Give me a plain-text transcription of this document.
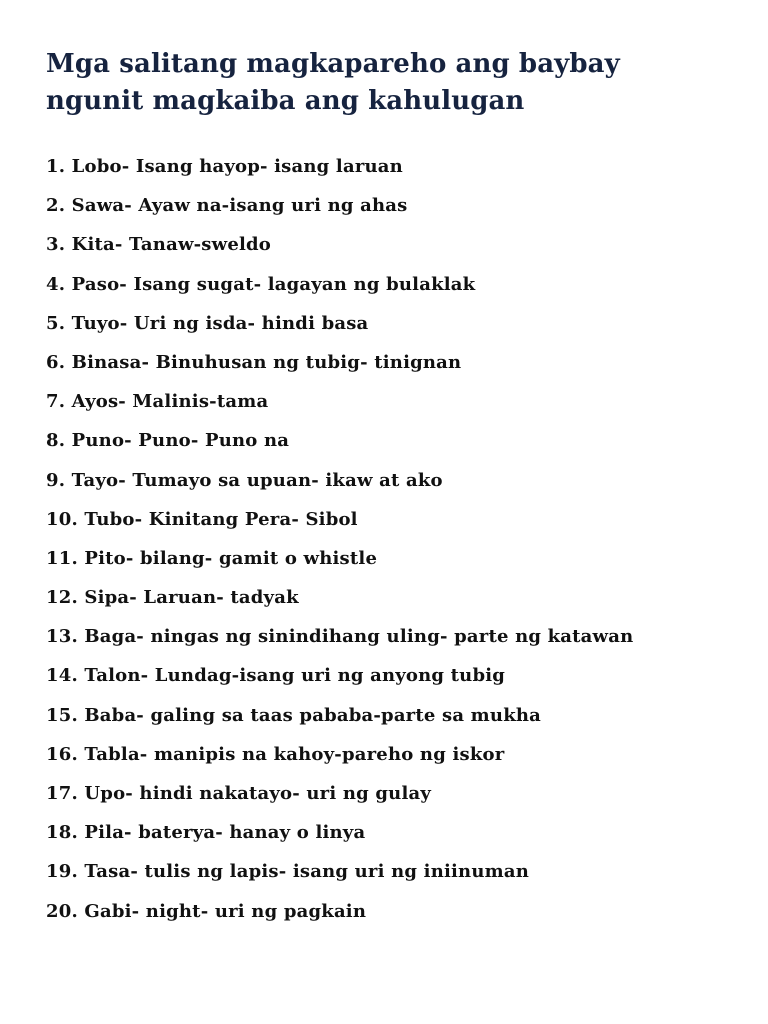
Mga salitang magkapareho ang baybay
ngunit magkaiba ang kahulugan
1. Lobo- Isang hayop- isang laruan
2. Sawa- Ayaw na-isang uri ng ahas
3. Kita- Tanaw-sweldo
4. Paso- Isang sugat- lagayan ng bulaklak
5. Tuyo- Uri ng isda- hindi basa
6. Binasa- Binuhusan ng tubig- tinignan
7. Ayos- Malinis-tama
8. Puno- Puno- Puno na
9. Tayo- Tumayo sa upuan- ikaw at ako
10. Tubo- Kinitang Pera- Sibol
11. Pito- bilang- gamit o whistle
12. Sipa- Laruan- tadyak
13. Baga- ningas ng sinindihang uling- parte ng katawan
14. Talon- Lundag-isang uri ng anyong tubig
15. Baba- galing sa taas pababa-parte sa mukha
16. Tabla- manipis na kahoy-pareho ng iskor
17. Upo- hindi nakatayo- uri ng gulay
18. Pila- baterya- hanay o linya
19. Tasa- tulis ng lapis- isang uri ng iniinuman
20. Gabi- night- uri ng pagkain
